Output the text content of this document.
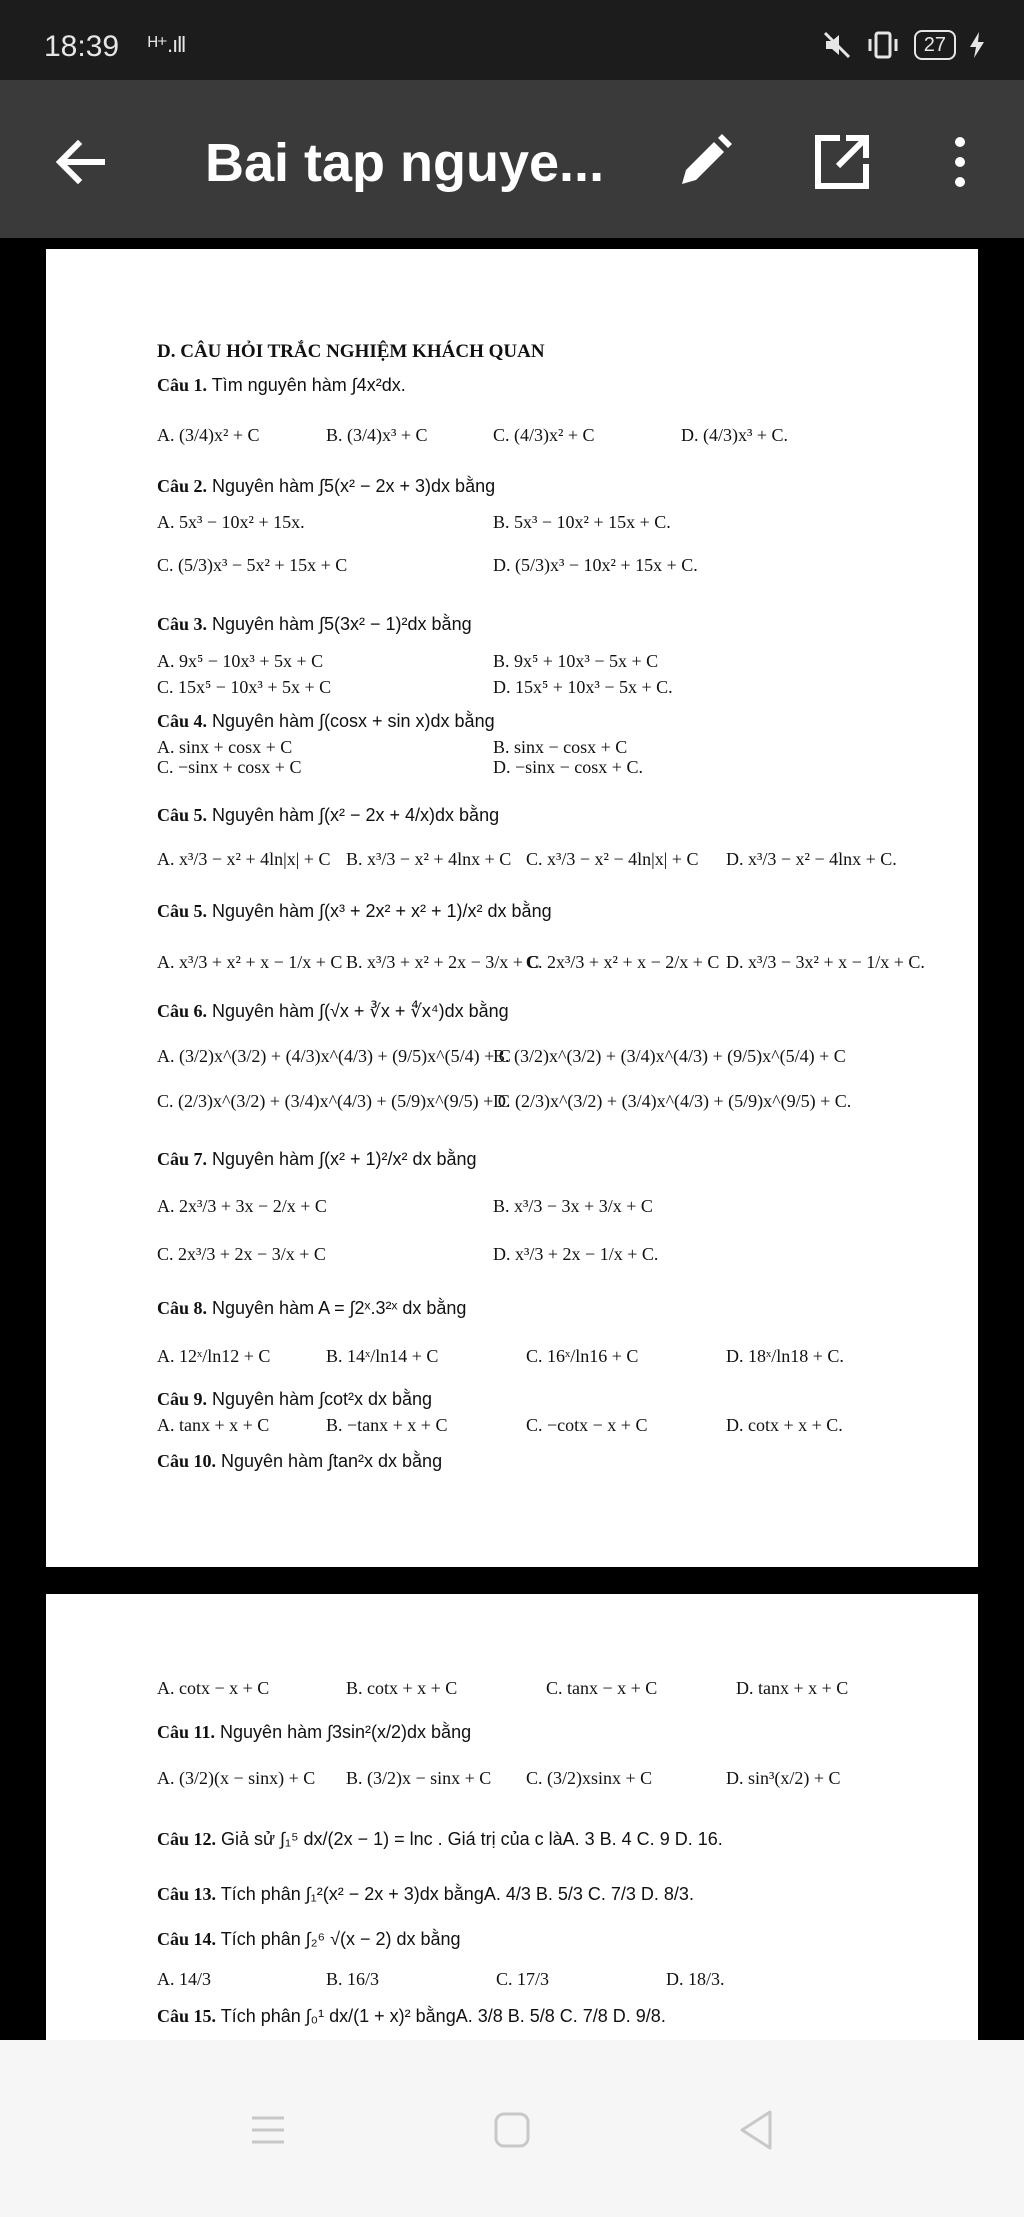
18:39 ᴴ⁺.ıll	27
Bai tap nguye...
D. CÂU HỎI TRẮC NGHIỆM KHÁCH QUAN
Câu 1. Tìm nguyên hàm ∫4x²dx.
A. (3/4)x² + C	B. (3/4)x³ + C	C. (4/3)x² + C	D. (4/3)x³ + C.
Câu 2. Nguyên hàm ∫5(x² − 2x + 3)dx bằng
A. 5x³ − 10x² + 15x.	B. 5x³ − 10x² + 15x + C.
C. (5/3)x³ − 5x² + 15x + C	D. (5/3)x³ − 10x² + 15x + C.
Câu 3. Nguyên hàm ∫5(3x² − 1)²dx bằng
A. 9x⁵ − 10x³ + 5x + C	B. 9x⁵ + 10x³ − 5x + C
C. 15x⁵ − 10x³ + 5x + C	D. 15x⁵ + 10x³ − 5x + C.
Câu 4. Nguyên hàm ∫(cosx + sin x)dx bằng
A. sinx + cosx + C	B. sinx − cosx + C
C. −sinx + cosx + C	D. −sinx − cosx + C.
Câu 5. Nguyên hàm ∫(x² − 2x + 4/x)dx bằng
A. x³/3 − x² + 4ln|x| + C B. x³/3 − x² + 4lnx + C C. x³/3 − x² − 4ln|x| + C D. x³/3 − x² − 4lnx + C.
Câu 5. Nguyên hàm ∫(x³ + 2x² + x² + 1)/x² dx bằng
A. x³/3 + x² + x − 1/x + C B. x³/3 + x² + 2x − 3/x + C
C. 2x³/3 + x² + x − 2/x + C D. x³/3 − 3x² + x − 1/x + C.
Câu 6. Nguyên hàm ∫(√x + ∛x + ∜x⁴)dx bằng
A. (3/2)x^(3/2) + (4/3)x^(4/3) + (9/5)x^(5/4) + C
B. (3/2)x^(3/2) + (3/4)x^(4/3) + (9/5)x^(5/4) + C
C. (2/3)x^(3/2) + (3/4)x^(4/3) + (5/9)x^(9/5) + C
D. (2/3)x^(3/2) + (3/4)x^(4/3) + (5/9)x^(9/5) + C.
Câu 7. Nguyên hàm ∫(x² + 1)²/x² dx bằng
A. 2x³/3 + 3x − 2/x + C	B. x³/3 − 3x + 3/x + C
C. 2x³/3 + 2x − 3/x + C	D. x³/3 + 2x − 1/x + C.
Câu 8. Nguyên hàm A = ∫2ˣ.3²ˣ dx bằng
A. 12ˣ/ln12 + C	B. 14ˣ/ln14 + C	C. 16ˣ/ln16 + C	D. 18ˣ/ln18 + C.
Câu 9. Nguyên hàm ∫cot²x dx bằng
A. tanx + x + C	B. −tanx + x + C	C. −cotx − x + C	D. cotx + x + C.
Câu 10. Nguyên hàm ∫tan²x dx bằng
A. cotx − x + C	B. cotx + x + C	C. tanx − x + C	D. tanx + x + C
Câu 11. Nguyên hàm ∫3sin²(x/2)dx bằng
A. (3/2)(x − sinx) + C B. (3/2)x − sinx + C C. (3/2)xsinx + C	D. sin³(x/2) + C
Câu 12. Giả sử ∫₁⁵ dx/(2x − 1) = lnc . Giá trị của c làA. 3 B. 4 C. 9 D. 16.
Câu 13. Tích phân ∫₁²(x² − 2x + 3)dx bằngA. 4/3 B. 5/3 C. 7/3 D. 8/3.
Câu 14. Tích phân ∫₂⁶ √(x − 2) dx bằng
A. 14/3	B. 16/3	C. 17/3	D. 18/3.
Câu 15. Tích phân ∫₀¹ dx/(1 + x)² bằngA. 3/8 B. 5/8 C. 7/8 D. 9/8.
